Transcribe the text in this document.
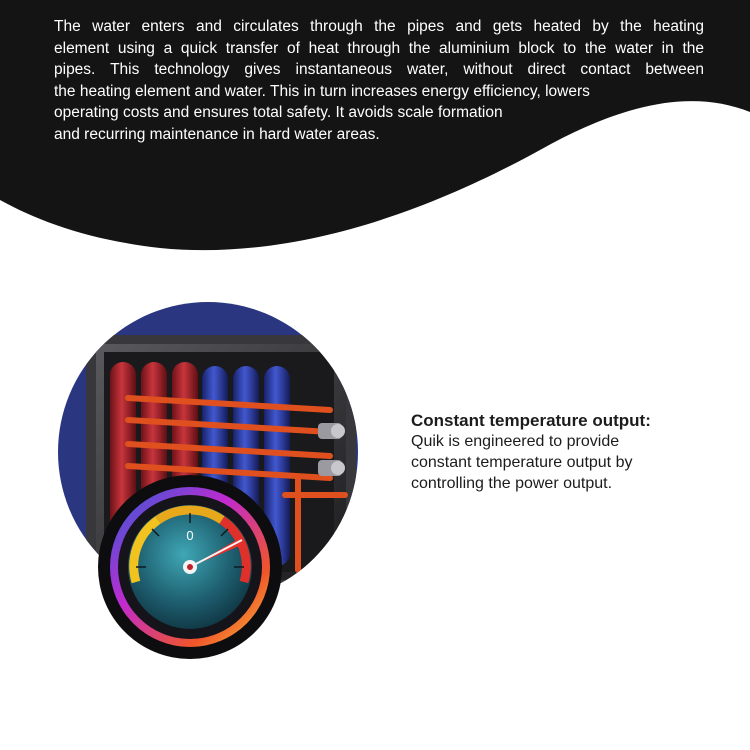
The water enters and circulates through the pipes and gets heated by the heating
element using a quick transfer of heat through the aluminium block to the water in the
pipes. This technology gives instantaneous water, without direct contact between
the heating element and water. This in turn increases energy efficiency, lowers
operating costs and ensures total safety. It avoids scale formation
and recurring maintenance in hard water areas.
0
Constant temperature output:

Quik is engineered to provide
constant temperature output by
controlling the power output.
